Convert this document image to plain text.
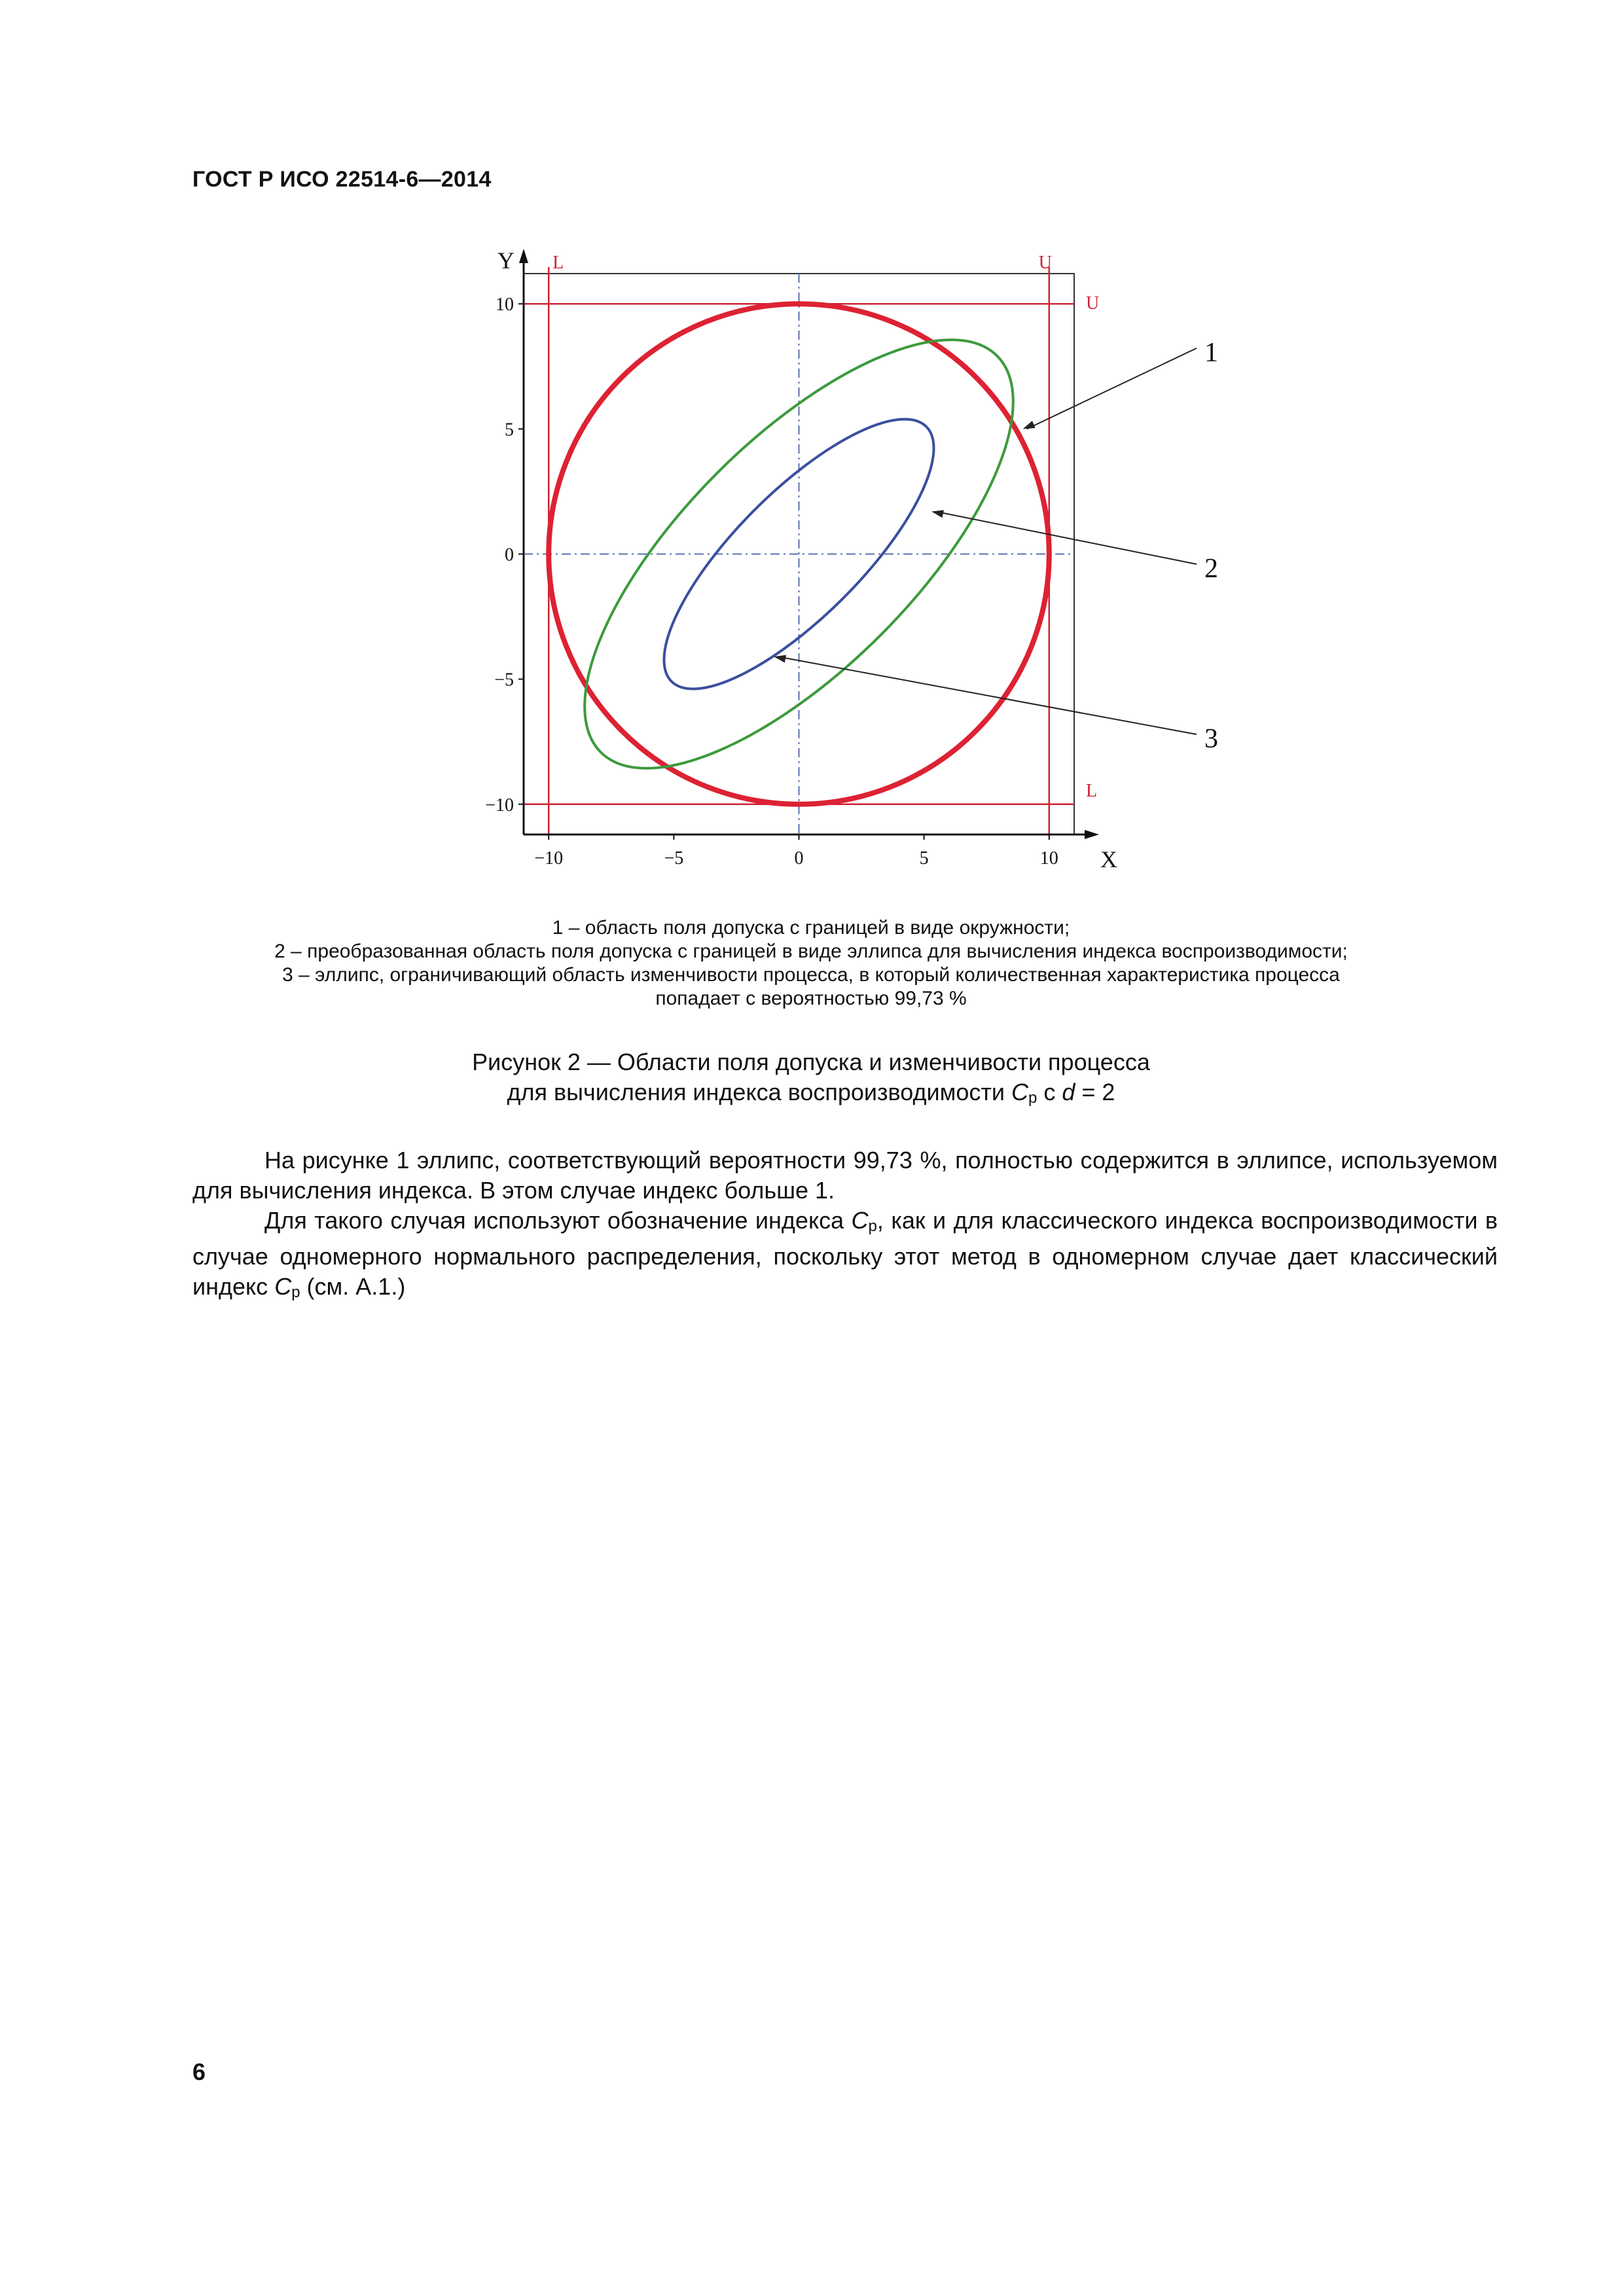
ГОСТ Р ИСО 22514-6—2014
L	U
U
L
Y
X
−10	−5	0	5	10
−10
−5
0
5
10
1
2
3
1 – область поля допуска с границей в виде окружности;
2 – преобразованная область поля допуска с границей в виде эллипса для вычисления индекса воспроизводимости;
3 – эллипс, ограничивающий область изменчивости процесса, в который количественная характеристика процесса
попадает с вероятностью 99,73 %
Рисунок 2 — Области поля допуска и изменчивости процесса
для вычисления индекса воспроизводимости $C_p$ с d = 2

На рисунке 1 эллипс, соответствующий вероятности 99,73 %, полностью содержится в эллипсе, используемом для вычисления индекса. В этом случае индекс больше 1.

Для такого случая используют обозначение индекса $C_p$, как и для классического индекса воспроизводимости в случае одномерного нормального распределения, поскольку этот метод в одномерном случае дает классический индекс $C_p$ (см. А.1.)

6
